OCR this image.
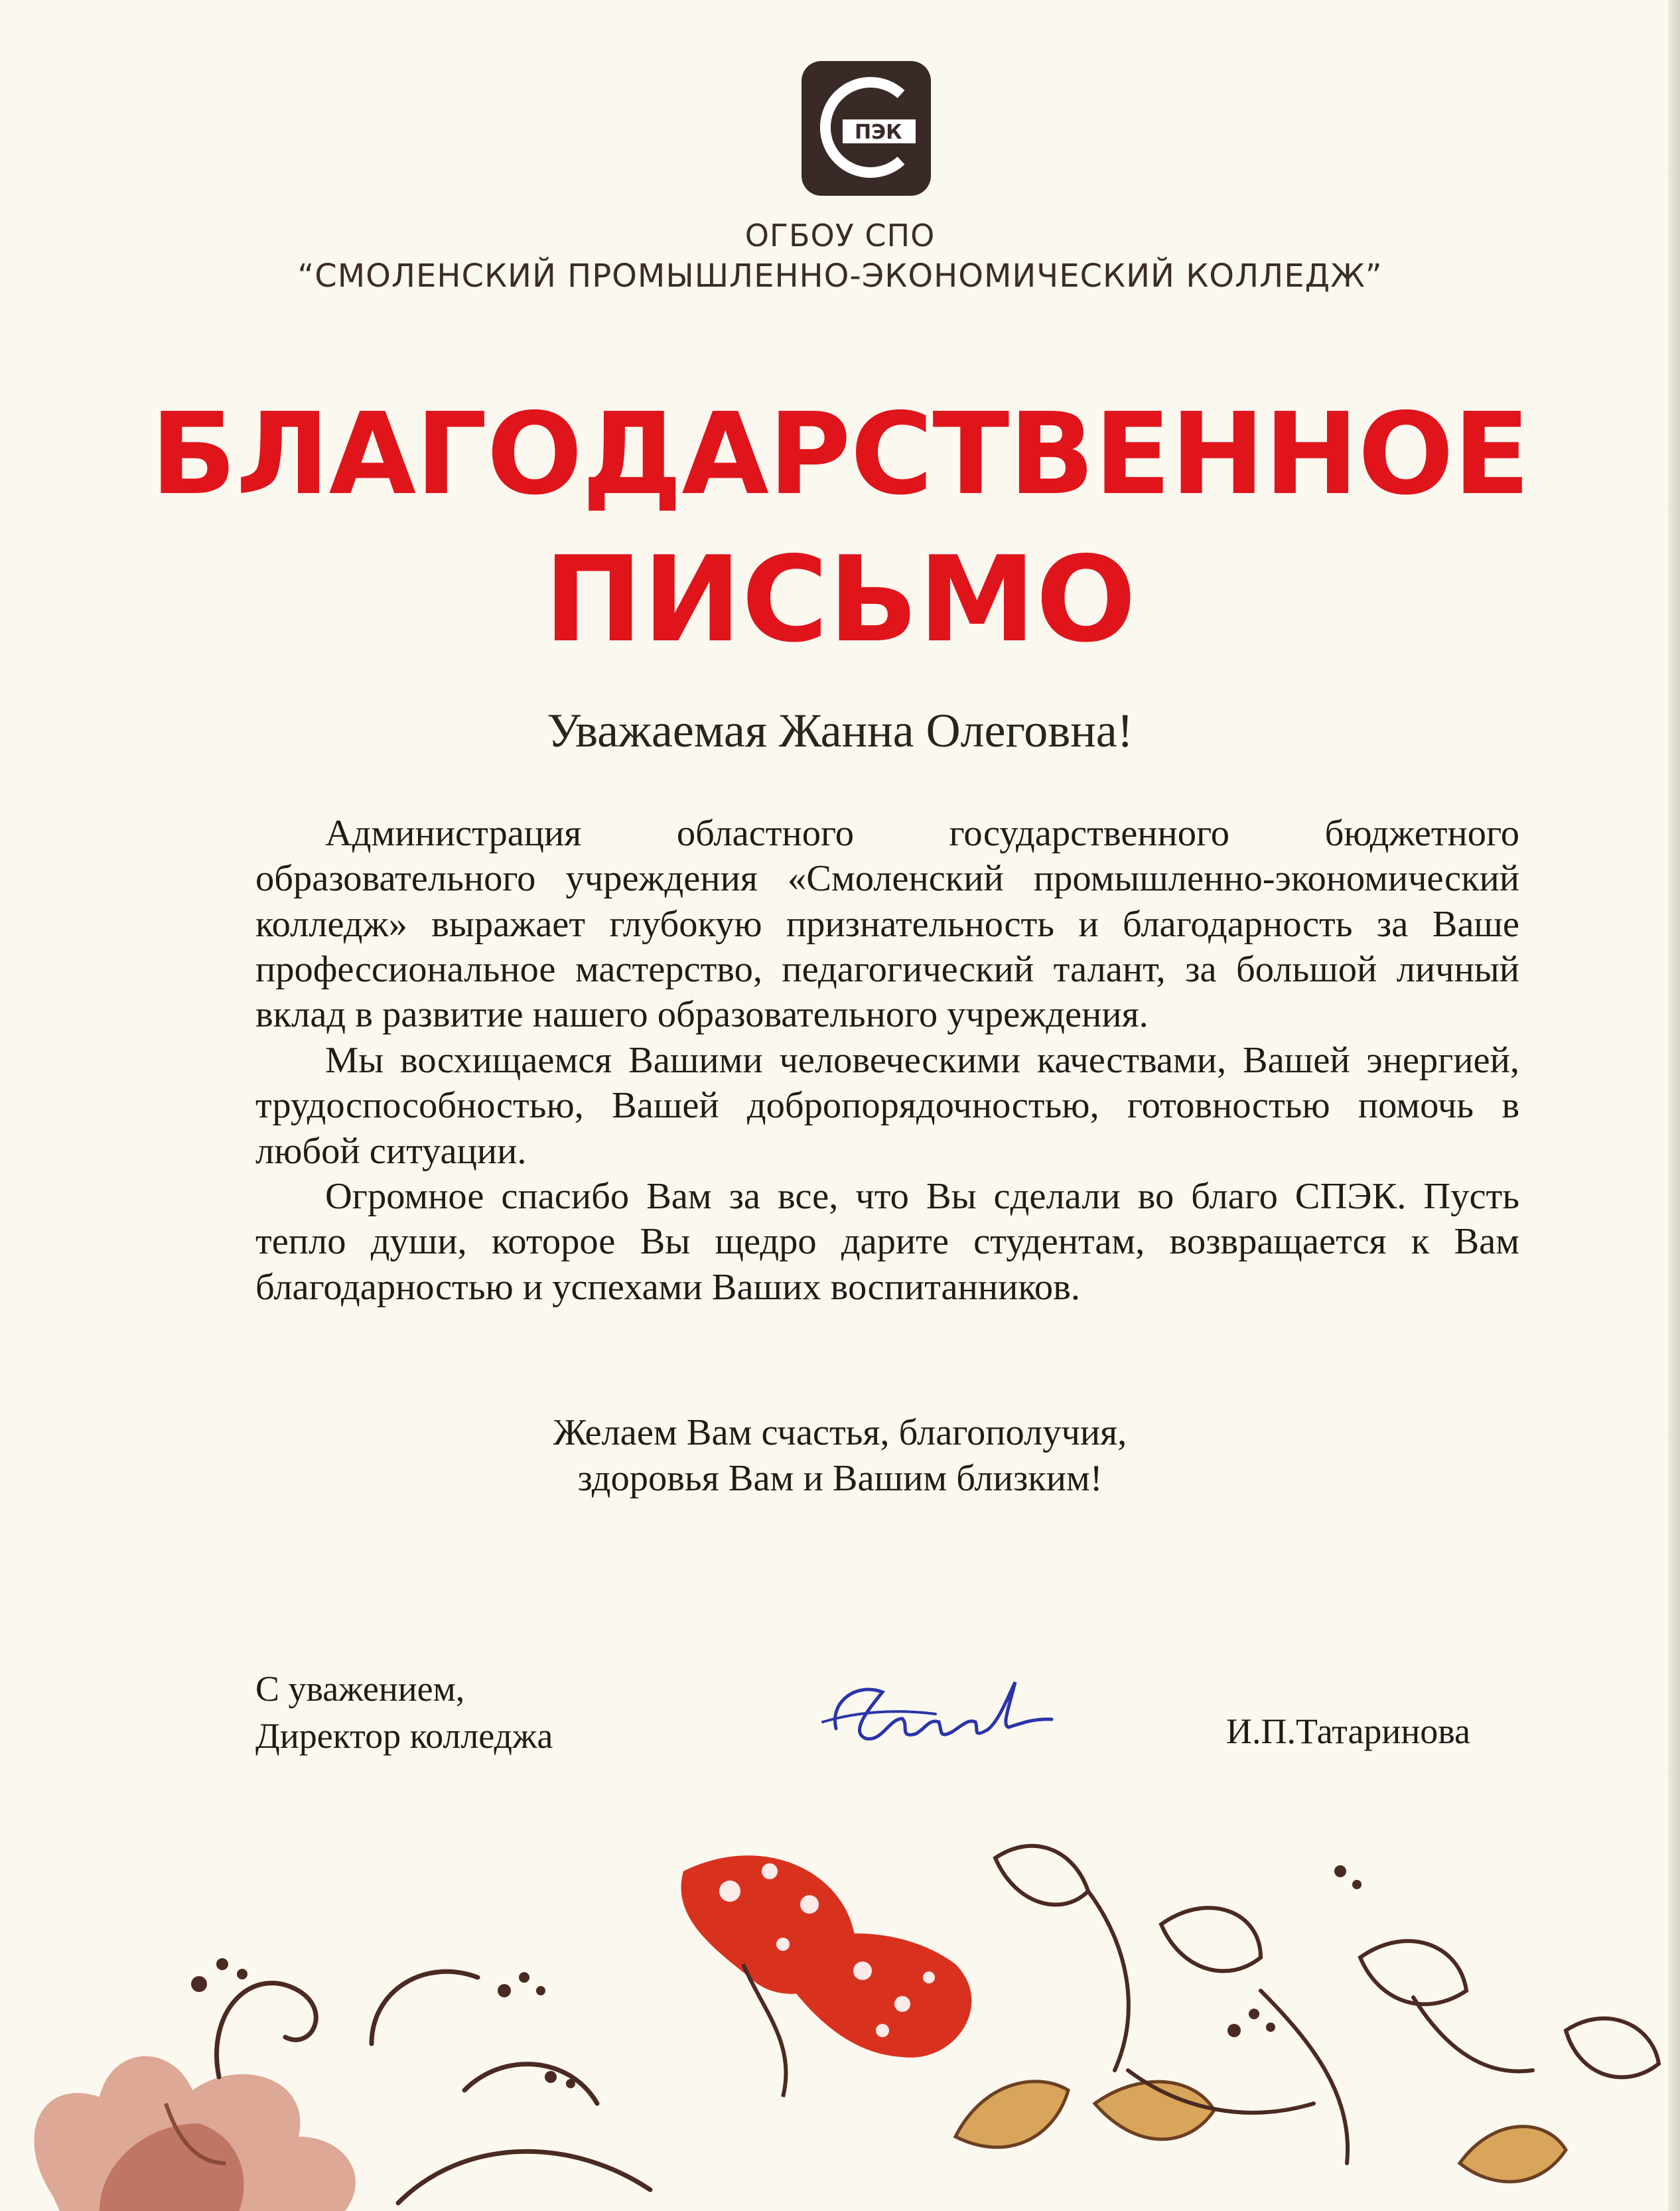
ПЭК
ОГБОУ СПО
“СМОЛЕНСКИЙ ПРОМЫШЛЕННО-ЭКОНОМИЧЕСКИЙ КОЛЛЕДЖ”
БЛАГОДАРСТВЕННОЕ
ПИСЬМО
Уважаемая Жанна Олеговна!

Администрация областного государственного бюджетного образовательного учреждения «Смоленский промышленно-экономический колледж» выражает глубокую признательность и благодарность за Ваше профессиональное мастерство, педагогический талант, за большой личный вклад в развитие нашего образовательного учреждения.

Мы восхищаемся Вашими человеческими качествами, Вашей энергией, трудоспособностью, Вашей добропорядочностью, готовностью помочь в любой ситуации.

Огромное спасибо Вам за все, что Вы сделали во благо СПЭК. Пусть тепло души, которое Вы щедро дарите студентам, возвращается к Вам благодарностью и успехами Ваших воспитанников.

Желаем Вам счастья, благополучия,
здоровья Вам и Вашим близким!
С уважением,
Директор колледжа	И.П.Татаринова
